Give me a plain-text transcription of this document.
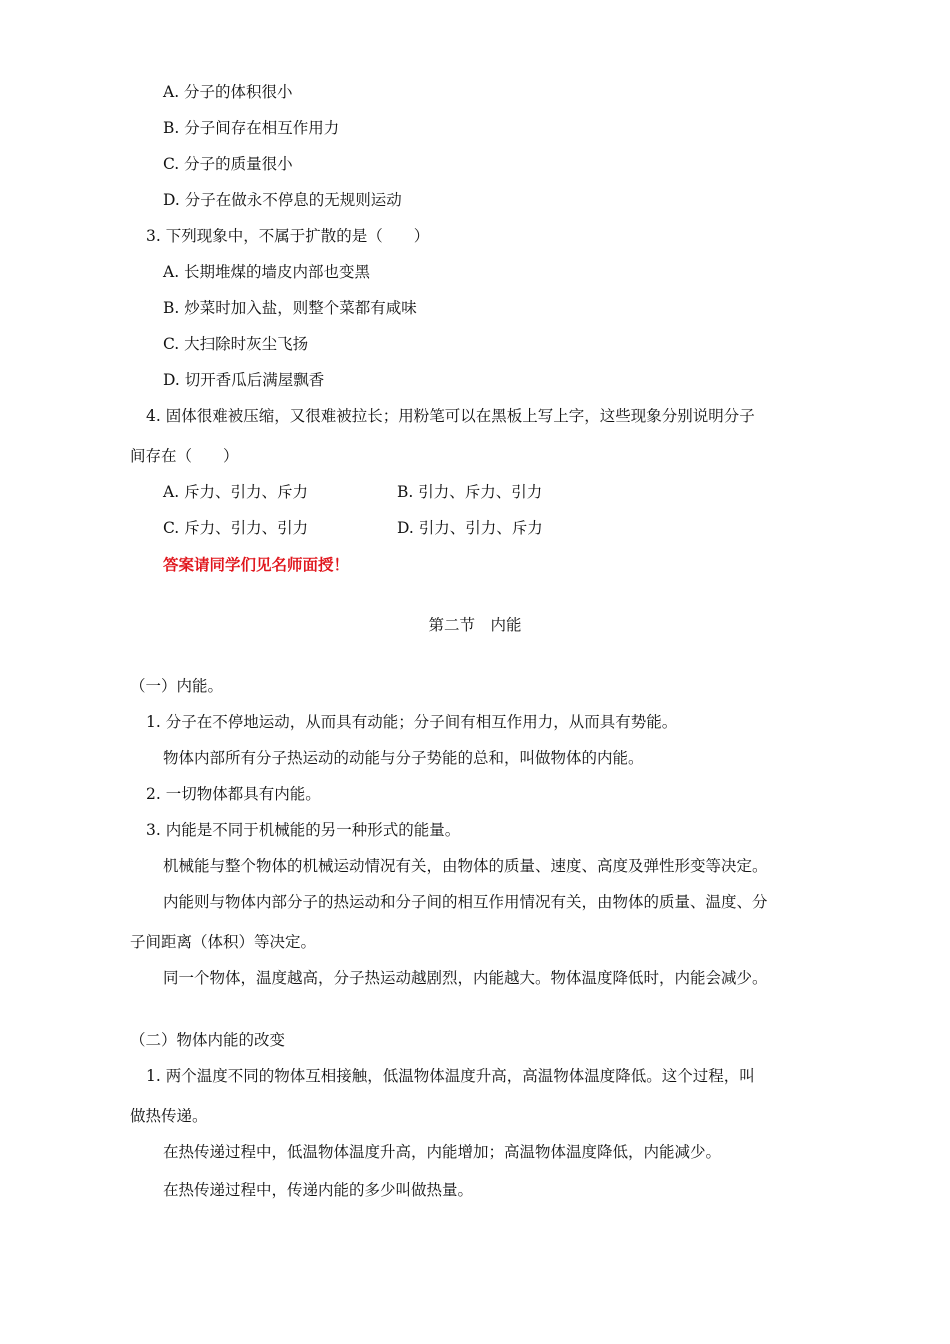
A. 分子的体积很小
B. 分子间存在相互作用力
C. 分子的质量很小
D. 分子在做永不停息的无规则运动
3. 下列现象中，不属于扩散的是（　　）
A. 长期堆煤的墙皮内部也变黑
B. 炒菜时加入盐，则整个菜都有咸味
C. 大扫除时灰尘飞扬
D. 切开香瓜后满屋飘香
4. 固体很难被压缩，又很难被拉长；用粉笔可以在黑板上写上字，这些现象分别说明分子
间存在（　　）
A. 斥力、引力、斥力	B. 引力、斥力、引力
C. 斥力、引力、引力	D. 引力、引力、斥力
答案请同学们见名师面授！
第二节　内能
（一）内能。
1. 分子在不停地运动，从而具有动能；分子间有相互作用力，从而具有势能。
物体内部所有分子热运动的动能与分子势能的总和，叫做物体的内能。
2. 一切物体都具有内能。
3. 内能是不同于机械能的另一种形式的能量。
机械能与整个物体的机械运动情况有关，由物体的质量、速度、高度及弹性形变等决定。
内能则与物体内部分子的热运动和分子间的相互作用情况有关，由物体的质量、温度、分
子间距离（体积）等决定。
同一个物体，温度越高，分子热运动越剧烈，内能越大。物体温度降低时，内能会减少。
（二）物体内能的改变
1. 两个温度不同的物体互相接触，低温物体温度升高，高温物体温度降低。这个过程，叫
做热传递。
在热传递过程中，低温物体温度升高，内能增加；高温物体温度降低，内能减少。
在热传递过程中，传递内能的多少叫做热量。
